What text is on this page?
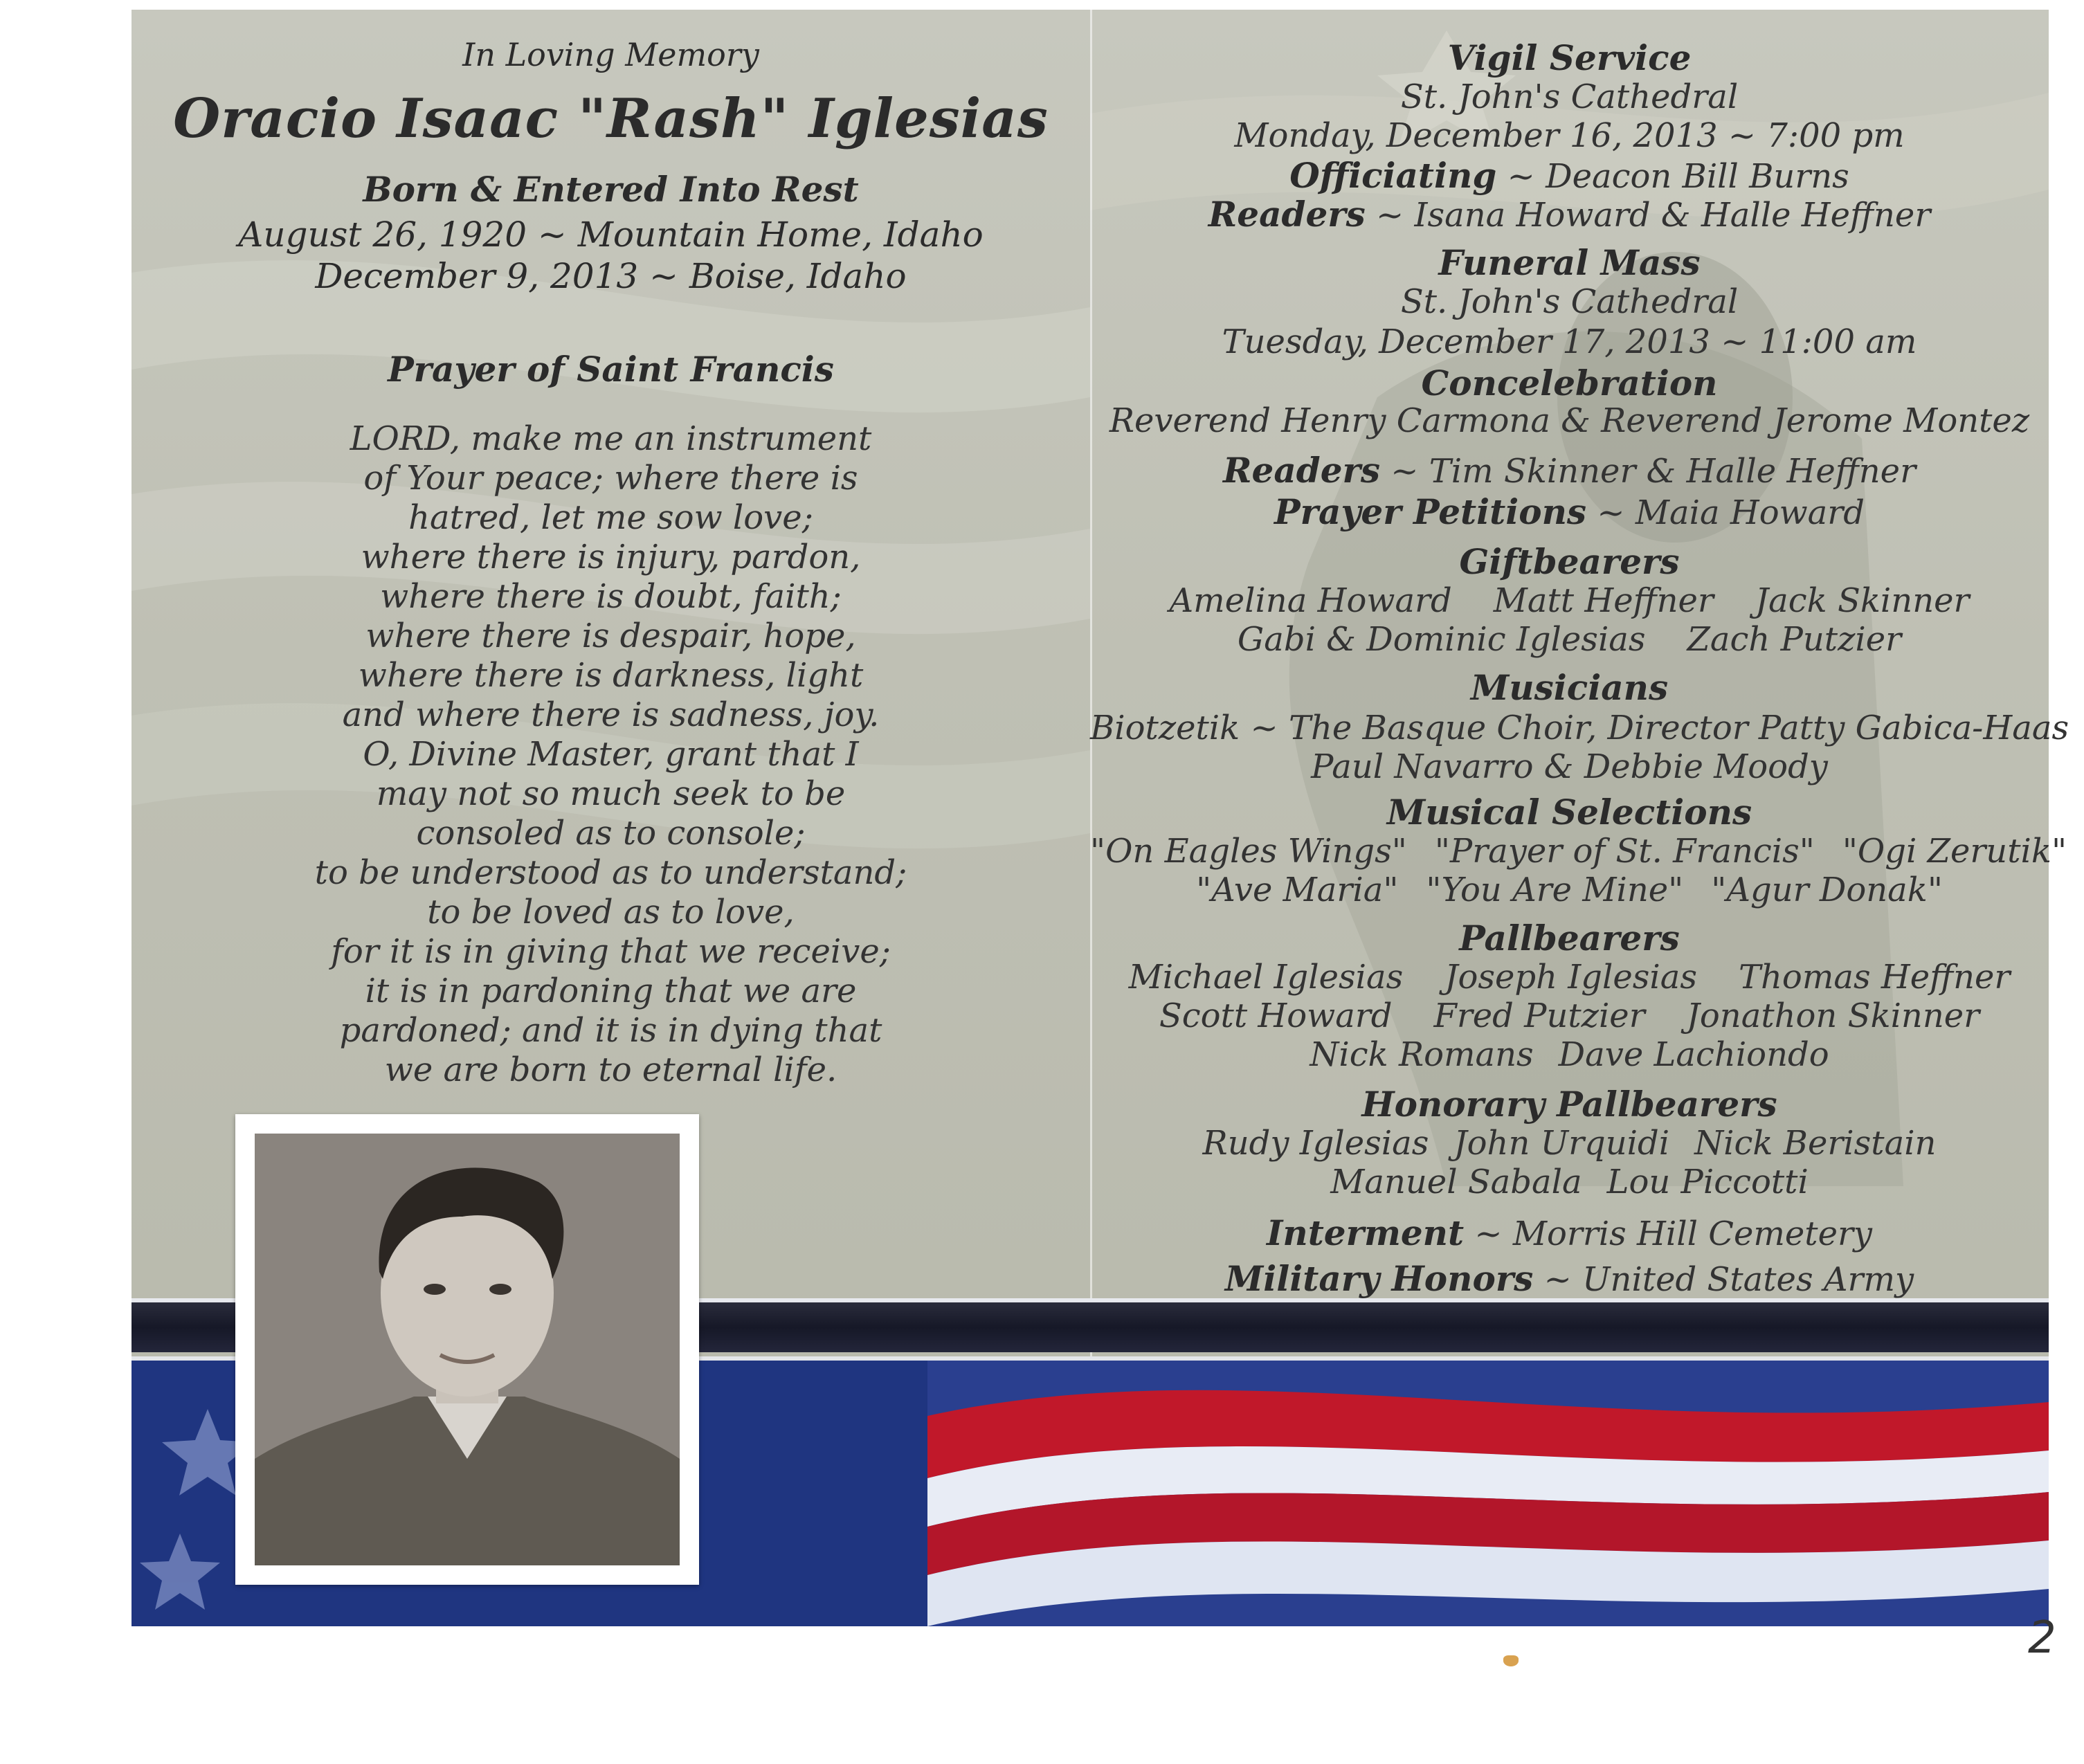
In Loving Memory
Oracio Isaac "Rash" Iglesias
Born & Entered Into Rest
August 26, 1920 ~ Mountain Home, Idaho
December 9, 2013 ~ Boise, Idaho
Prayer of Saint Francis
LORD, make me an instrument
of Your peace; where there is
hatred, let me sow love;
where there is injury, pardon,
where there is doubt, faith;
where there is despair, hope,
where there is darkness, light
and where there is sadness, joy.
O, Divine Master, grant that I
may not so much seek to be
consoled as to console;
to be understood as to understand;
to be loved as to love,
for it is in giving that we receive;
it is in pardoning that we are
pardoned; and it is in dying that
we are born to eternal life.
Vigil Service
St. John's Cathedral
Monday, December 16, 2013 ~ 7:00 pm
Officiating ~ Deacon Bill Burns
Readers ~ Isana Howard & Halle Heffner
Funeral Mass
St. John's Cathedral
Tuesday, December 17, 2013 ~ 11:00 am
Concelebration
Reverend Henry Carmona & Reverend Jerome Montez
Readers ~ Tim Skinner & Halle Heffner
Prayer Petitions ~ Maia Howard
Giftbearers
Amelina Howard Matt Heffner Jack Skinner
Gabi & Dominic Iglesias Zach Putzier
Musicians
Biotzetik ~ The Basque Choir, Director Patty Gabica-Haas
Paul Navarro & Debbie Moody
Musical Selections
"On Eagles Wings" "Prayer of St. Francis" "Ogi Zerutik"
"Ave Maria" "You Are Mine" "Agur Donak"
Pallbearers
Michael Iglesias Joseph Iglesias Thomas Heffner
Scott Howard Fred Putzier Jonathon Skinner
Nick Romans Dave Lachiondo
Honorary Pallbearers
Rudy Iglesias John Urquidi Nick Beristain
Manuel Sabala Lou Piccotti
Interment ~ Morris Hill Cemetery
Military Honors ~ United States Army
2
